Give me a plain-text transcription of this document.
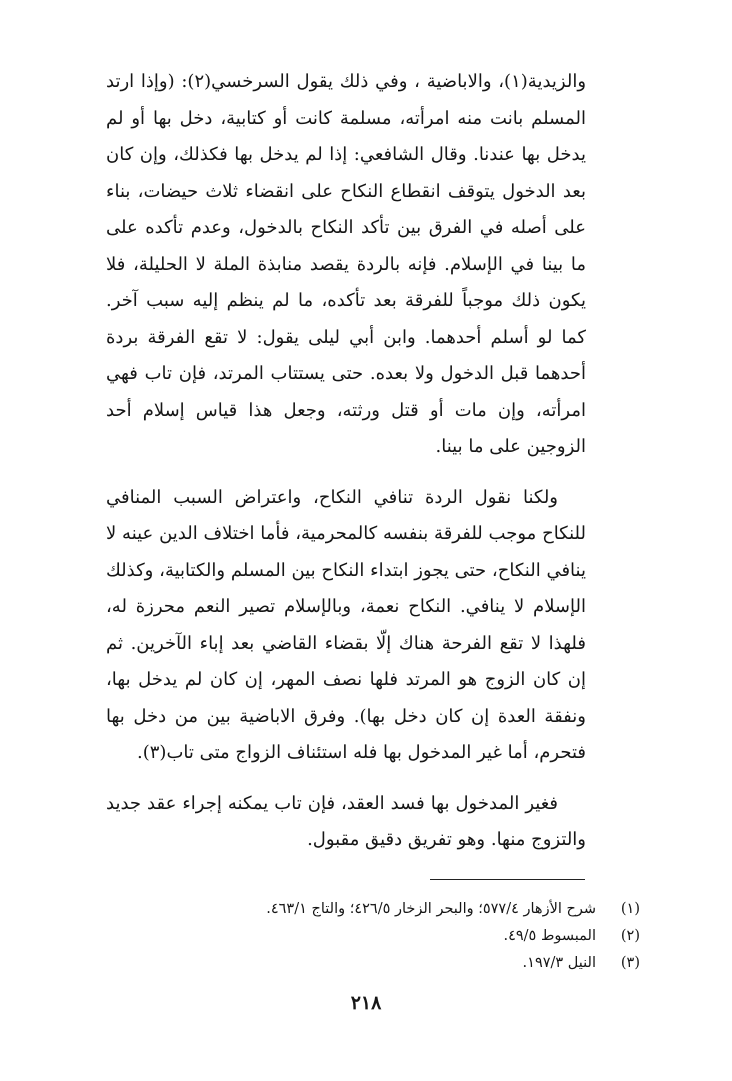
والزيدية(١)، والاباضية ، وفي ذلك يقول السرخسي(٢): (وإذا ارتد المسلم بانت منه امرأته، مسلمة كانت أو كتابية، دخل بها أو لم يدخل بها عندنا. وقال الشافعي: إذا لم يدخل بها فكذلك، وإن كان بعد الدخول يتوقف انقطاع النكاح على انقضاء ثلاث حيضات، بناء على أصله في الفرق بين تأكد النكاح بالدخول، وعدم تأكده على ما بينا في الإسلام. فإنه بالردة يقصد منابذة الملة لا الحليلة، فلا يكون ذلك موجباً للفرقة بعد تأكده، ما لم ينظم إليه سبب آخر. كما لو أسلم أحدهما. وابن أبي ليلى يقول: لا تقع الفرقة بردة أحدهما قبل الدخول ولا بعده. حتى يستتاب المرتد، فإن تاب فهي امرأته، وإن مات أو قتل ورثته، وجعل هذا قياس إسلام أحد الزوجين على ما بينا.

ولكنا نقول الردة تنافي النكاح، واعتراض السبب المنافي للنكاح موجب للفرقة بنفسه كالمحرمية، فأما اختلاف الدين عينه لا ينافي النكاح، حتى يجوز ابتداء النكاح بين المسلم والكتابية، وكذلك الإسلام لا ينافي. النكاح نعمة، وبالإسلام تصير النعم محرزة له، فلهذا لا تقع الفرحة هناك إلّا بقضاء القاضي بعد إباء الآخرين. ثم إن كان الزوج هو المرتد فلها نصف المهر، إن كان لم يدخل بها، ونفقة العدة إن كان دخل بها). وفرق الاباضية بين من دخل بها فتحرم، أما غير المدخول بها فله استئناف الزواج متى تاب(٣).

فغير المدخول بها فسد العقد، فإن تاب يمكنه إجراء عقد جديد والتزوج منها. وهو تفريق دقيق مقبول.

(١)
شرح الأزهار ٥٧٧/٤؛ والبحر الزخار ٤٢٦/٥؛ والتاج ٤٦٣/١.
(٢)
المبسوط ٤٩/٥.
(٣)
النيل ١٩٧/٣.
٢١٨
